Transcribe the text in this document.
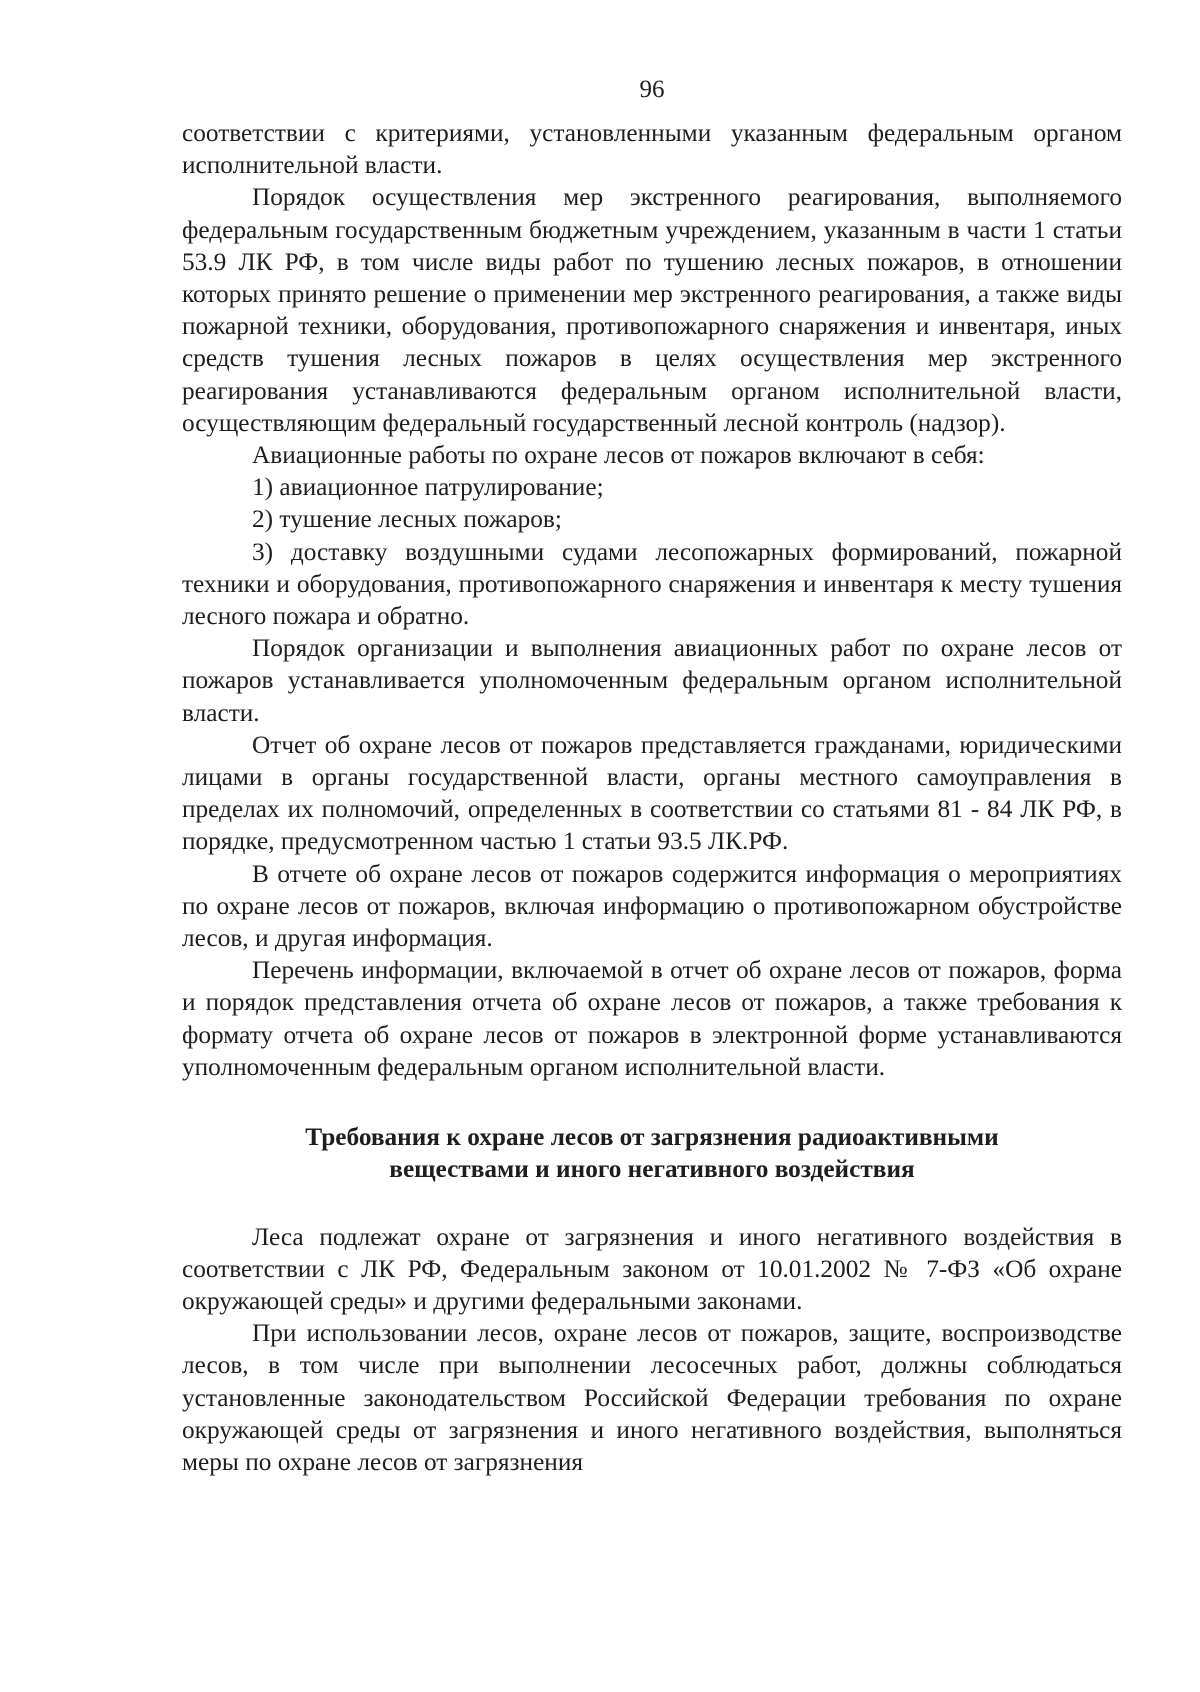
96

соответствии с критериями, установленными указанным федеральным органом исполнительной власти.

Порядок осуществления мер экстренного реагирования, выполняемого федеральным государственным бюджетным учреждением, указанным в части 1 статьи 53.9 ЛК РФ, в том числе виды работ по тушению лесных пожаров, в отношении которых принято решение о применении мер экстренного реагирования, а также виды пожарной техники, оборудования, противопожарного снаряжения и инвентаря, иных средств тушения лесных пожаров в целях осуществления мер экстренного реагирования устанавливаются федеральным органом исполнительной власти, осуществляющим федеральный государственный лесной контроль (надзор).

Авиационные работы по охране лесов от пожаров включают в себя:

1) авиационное патрулирование;

2) тушение лесных пожаров;

3) доставку воздушными судами лесопожарных формирований, пожарной техники и оборудования, противопожарного снаряжения и инвентаря к месту тушения лесного пожара и обратно.

Порядок организации и выполнения авиационных работ по охране лесов от пожаров устанавливается уполномоченным федеральным органом исполнительной власти.

Отчет об охране лесов от пожаров представляется гражданами, юридическими лицами в органы государственной власти, органы местного самоуправления в пределах их полномочий, определенных в соответствии со статьями 81 - 84 ЛК РФ, в порядке, предусмотренном частью 1 статьи 93.5 ЛК.РФ.

В отчете об охране лесов от пожаров содержится информация о мероприятиях по охране лесов от пожаров, включая информацию о противопожарном обустройстве лесов, и другая информация.

Перечень информации, включаемой в отчет об охране лесов от пожаров, форма и порядок представления отчета об охране лесов от пожаров, а также требования к формату отчета об охране лесов от пожаров в электронной форме устанавливаются уполномоченным федеральным органом исполнительной власти.

Требования к охране лесов от загрязнения радиоактивными

веществами и иного негативного воздействия

Леса подлежат охране от загрязнения и иного негативного воздействия в соответствии с ЛК РФ, Федеральным законом от 10.01.2002 № 7-ФЗ «Об охране окружающей среды» и другими федеральными законами.

При использовании лесов, охране лесов от пожаров, защите, воспроизводстве лесов, в том числе при выполнении лесосечных работ, должны соблюдаться установленные законодательством Российской Федерации требования по охране окружающей среды от загрязнения и иного негативного воздействия, выполняться меры по охране лесов от загрязнения
